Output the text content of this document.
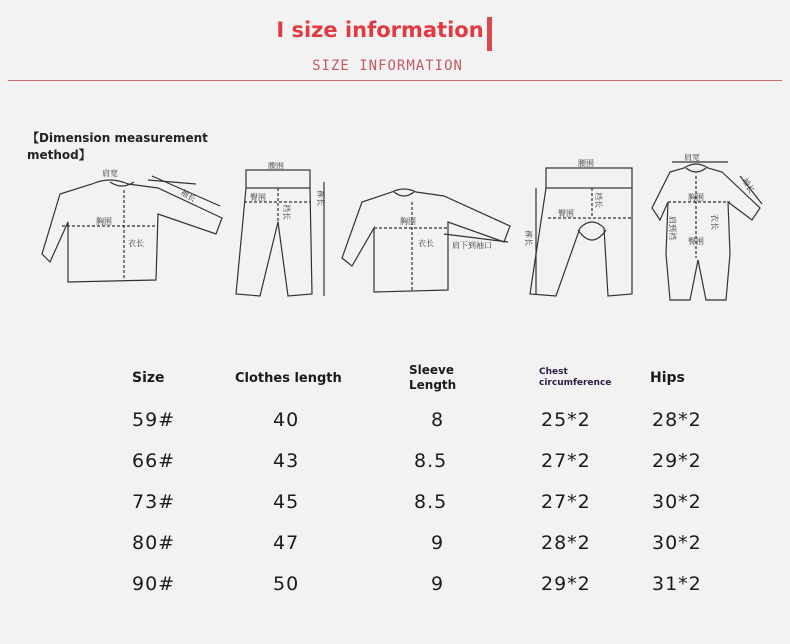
I size information
SIZE INFORMATION
【Dimension measurement method】
肩宽
袖长
胸围
衣长
腰围
臀围	裤长
裆长
胸围
衣长 肩下到袖口
腰围
臀围
裆长
裤长
肩宽
袖长
胸围
肩到裆	衣长
臀围
Size	Clothes length	Sleeve Length	Chest circumference	Hips
59#	40	8	25*2	28*2
66#	43	8.5	27*2	29*2
73#	45	8.5	27*2	30*2
80#	47	9	28*2	30*2
90#	50	9	29*2	31*2
